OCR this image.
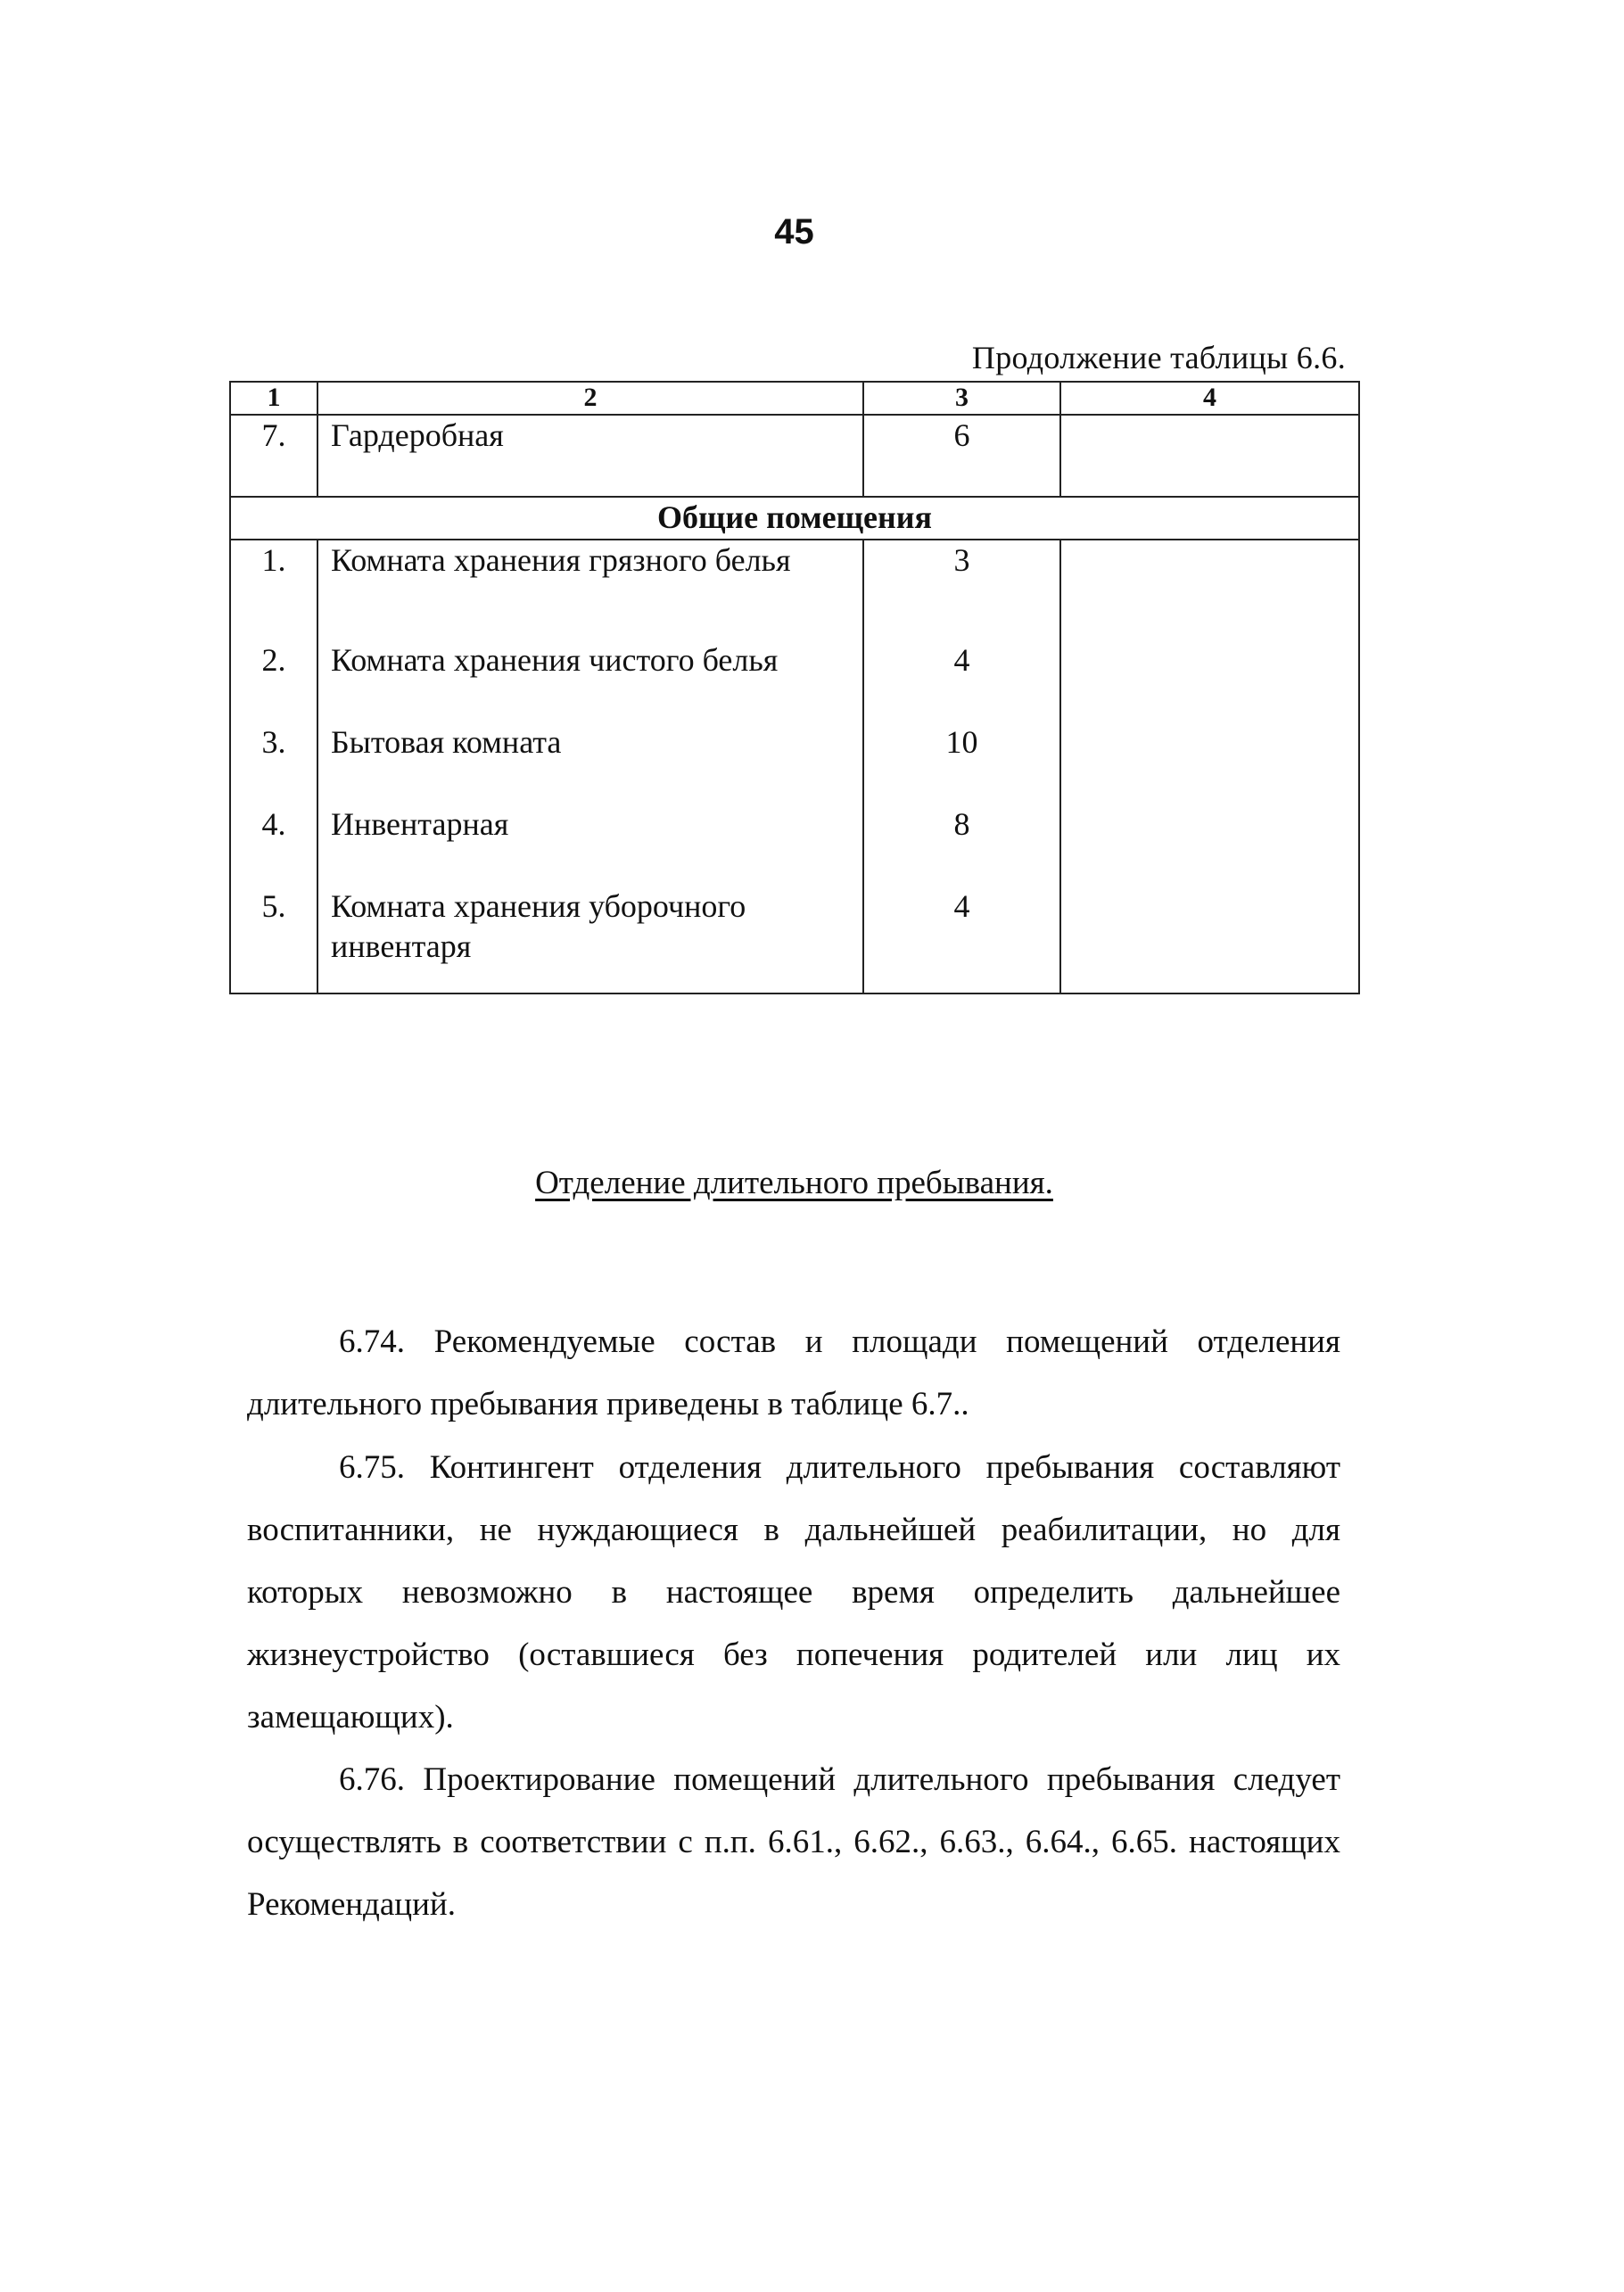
45
Продолжение таблицы 6.6.
1	2	3	4
7.	Гардеробная	6	
Общие помещения			
1.	Комната хранения грязного белья	3	
2.	Комната хранения чистого белья	4	
3.	Бытовая комната	10	
4.	Инвентарная	8	
5.	Комната хранения уборочного инвентаря	4	
Отделение длительного пребывания.

6.74. Рекомендуемые состав и площади помещений отделения длительного пребывания приведены в таблице 6.7..

6.75. Контингент отделения длительного пребывания составляют воспитанники, не нуждающиеся в дальнейшей реабилитации, но для которых невозможно в настоящее время определить дальнейшее жизнеустройство (оставшиеся без попечения родителей или лиц их замещающих).

6.76. Проектирование помещений длительного пребывания следует осуществлять в соответствии с п.п. 6.61., 6.62., 6.63., 6.64., 6.65. настоящих Рекомендаций.
